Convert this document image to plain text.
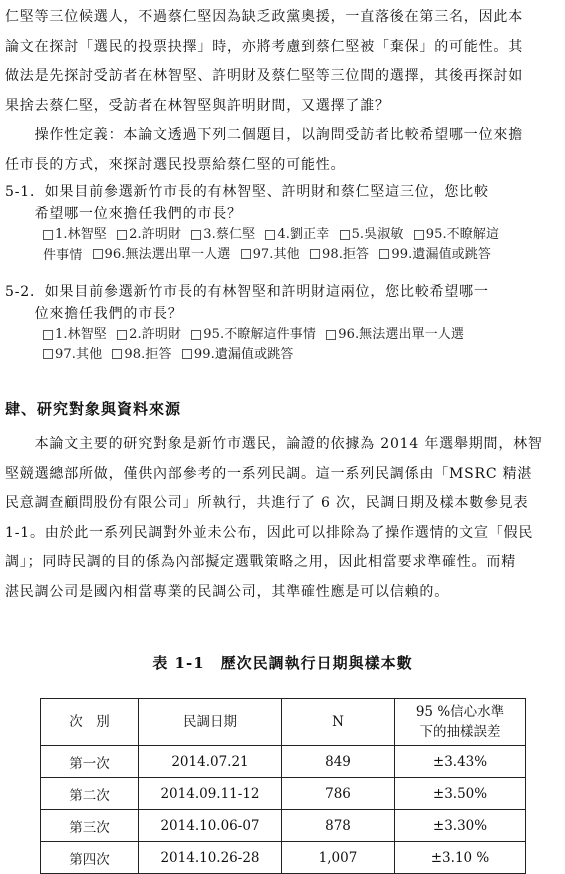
仁堅等三位候選人，不過蔡仁堅因為缺乏政黨奧援，一直落後在第三名，因此本
論文在探討「選民的投票抉擇」時，亦將考慮到蔡仁堅被「棄保」的可能性。其
做法是先探討受訪者在林智堅、許明財及蔡仁堅等三位間的選擇，其後再探討如
果捨去蔡仁堅，受訪者在林智堅與許明財間，又選擇了誰？
　　操作性定義：本論文透過下列二個題目，以詢問受訪者比較希望哪一位來擔
任市長的方式，來探討選民投票給蔡仁堅的可能性。
5-1．如果目前參選新竹市長的有林智堅、許明財和蔡仁堅這三位，您比較
　　希望哪一位來擔任我們的市長？
1.林智堅
2.許明財
3.蔡仁堅
4.劉正幸
5.吳淑敏
95.不瞭解這
件事情
96.無法選出單一人選
97.其他
98.拒答
99.遺漏值或跳答
5-2．如果目前參選新竹市長的有林智堅和許明財這兩位，您比較希望哪一
　　位來擔任我們的市長？
1.林智堅
2.許明財
95.不瞭解這件事情
96.無法選出單一人選
97.其他
98.拒答
99.遺漏值或跳答
肆、研究對象與資料來源
　　本論文主要的研究對象是新竹市選民，論證的依據為 2014 年選舉期間，林智
堅競選總部所做，僅供內部參考的一系列民調。這一系列民調係由「MSRC 精湛
民意調查顧問股份有限公司」所執行，共進行了 6 次，民調日期及樣本數參見表
1-1。由於此一系列民調對外並未公布，因此可以排除為了操作選情的文宣「假民
調」；同時民調的目的係為內部擬定選戰策略之用，因此相當要求準確性。而精
湛民調公司是國內相當專業的民調公司，其準確性應是可以信賴的。
表 1-1　歷次民調執行日期與樣本數
次　別	民調日期	N	95 %信心水準下的抽樣誤差
第一次	2014.07.21	849	±3.43%
第二次	2014.09.11-12	786	±3.50%
第三次	2014.10.06-07	878	±3.30%
第四次	2014.10.26-28	1,007	±3.10 %
